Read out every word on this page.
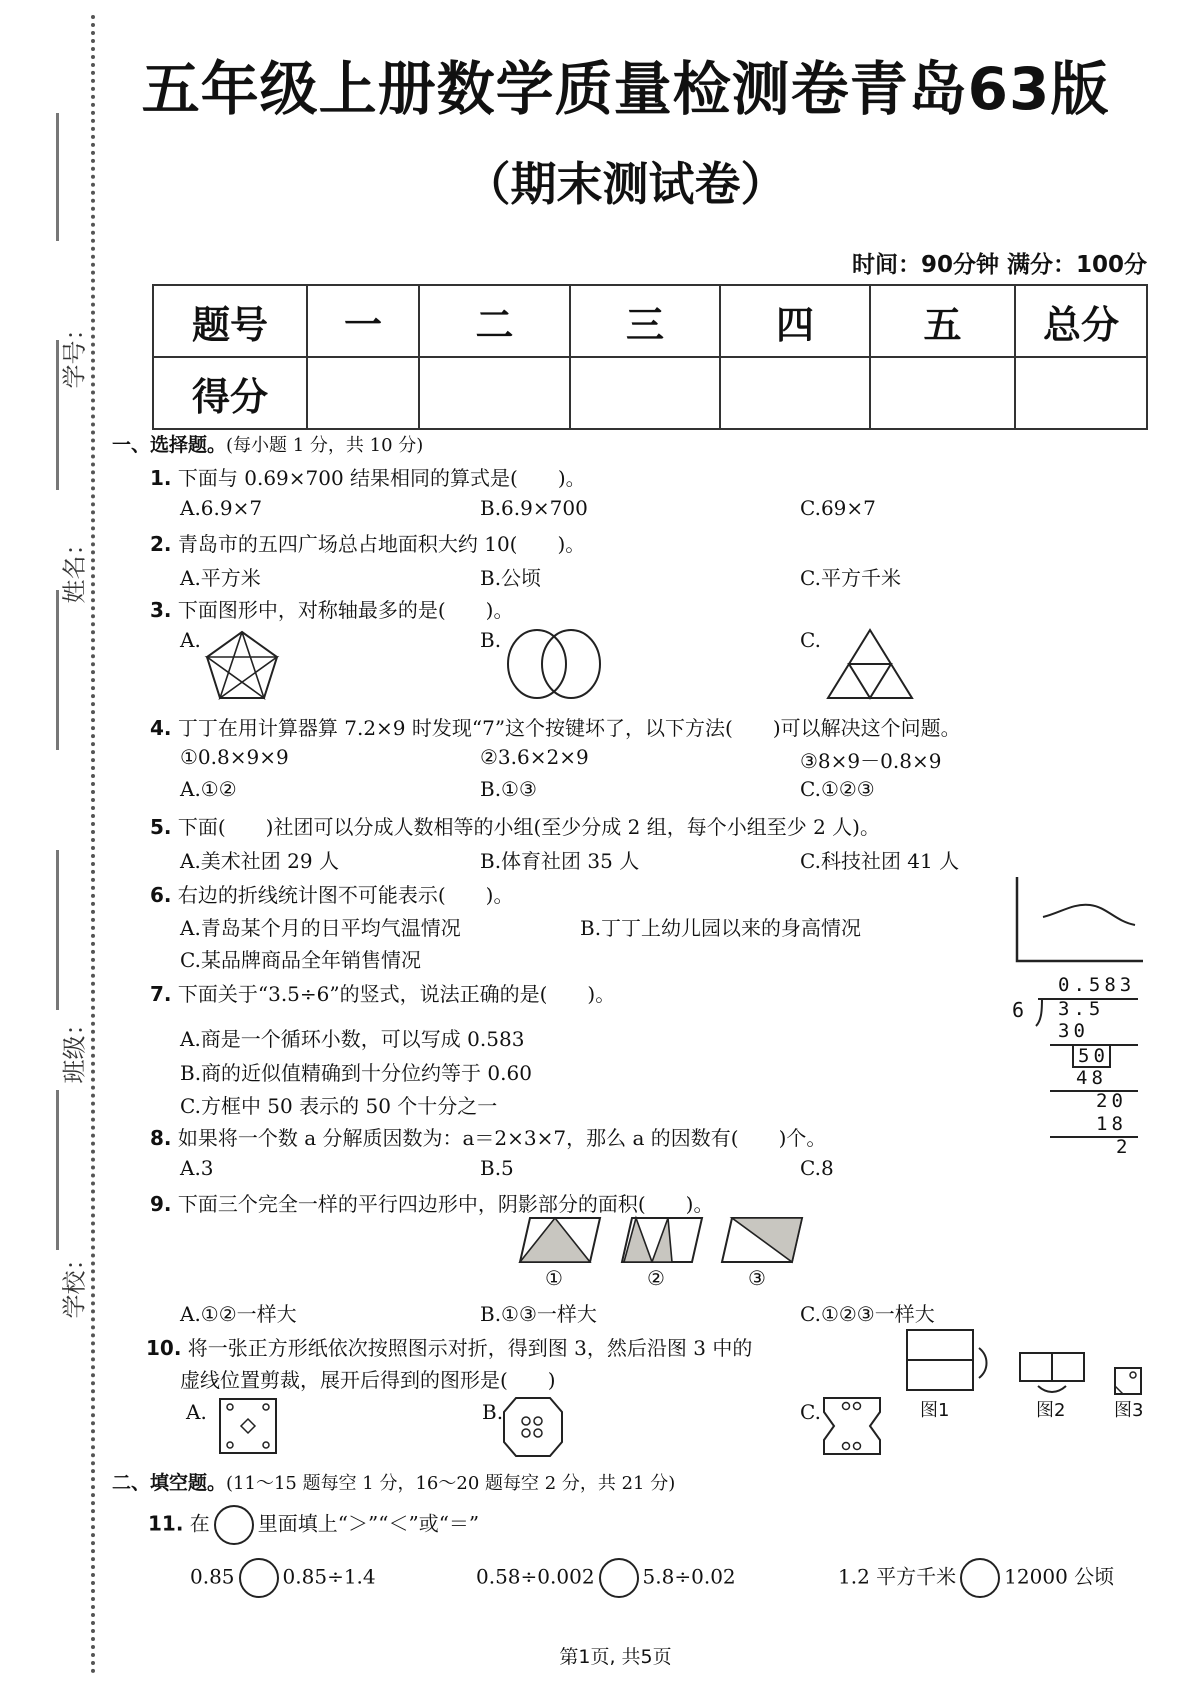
学号：
姓名：
班级：
学校：
五年级上册数学质量检测卷青岛63版
（期末测试卷）
时间：90分钟 满分：100分
题号	一	二	三	四	五	总分
得分						
一、选择题。(每小题 1 分，共 10 分)
1. 下面与 0.69×700 结果相同的算式是(　　)。
A.6.9×7	B.6.9×700	C.69×7
2. 青岛市的五四广场总占地面积大约 10(　　)。
A.平方米	B.公顷	C.平方千米
3. 下面图形中，对称轴最多的是(　　)。
A.	B.	C.
4. 丁丁在用计算器算 7.2×9 时发现“7”这个按键坏了，以下方法(　　)可以解决这个问题。
①0.8×9×9	②3.6×2×9	③8×9－0.8×9
A.①②	B.①③	C.①②③
5. 下面(　　)社团可以分成人数相等的小组(至少分成 2 组，每个小组至少 2 人)。
A.美术社团 29 人	B.体育社团 35 人	C.科技社团 41 人
6. 右边的折线统计图不可能表示(　　)。
A.青岛某个月的日平均气温情况	B.丁丁上幼儿园以来的身高情况
C.某品牌商品全年销售情况
7. 下面关于“3.5÷6”的竖式，说法正确的是(　　)。
A.商是一个循环小数，可以写成 0.583
B.商的近似值精确到十分位约等于 0.60
C.方框中 50 表示的 50 个十分之一
0.583
6 3.5
30
50
48
20
18
2
8. 如果将一个数 a 分解质因数为：a＝2×3×7，那么 a 的因数有(　　)个。
A.3	B.5	C.8
9. 下面三个完全一样的平行四边形中，阴影部分的面积(　　)。
①	②	③
A.①②一样大	B.①③一样大	C.①②③一样大
10. 将一张正方形纸依次按照图示对折，得到图 3，然后沿图 3 中的
虚线位置剪裁，展开后得到的图形是(　　)
图1	图2	图3
A.	B.	C.
二、填空题。(11～15 题每空 1 分，16～20 题每空 2 分，共 21 分)
11. 在 里面填上“＞”“＜”或“＝”
0.85 0.85÷1.4	0.58÷0.002 5.8÷0.02	1.2 平方千米 12000 公顷
第1页, 共5页
